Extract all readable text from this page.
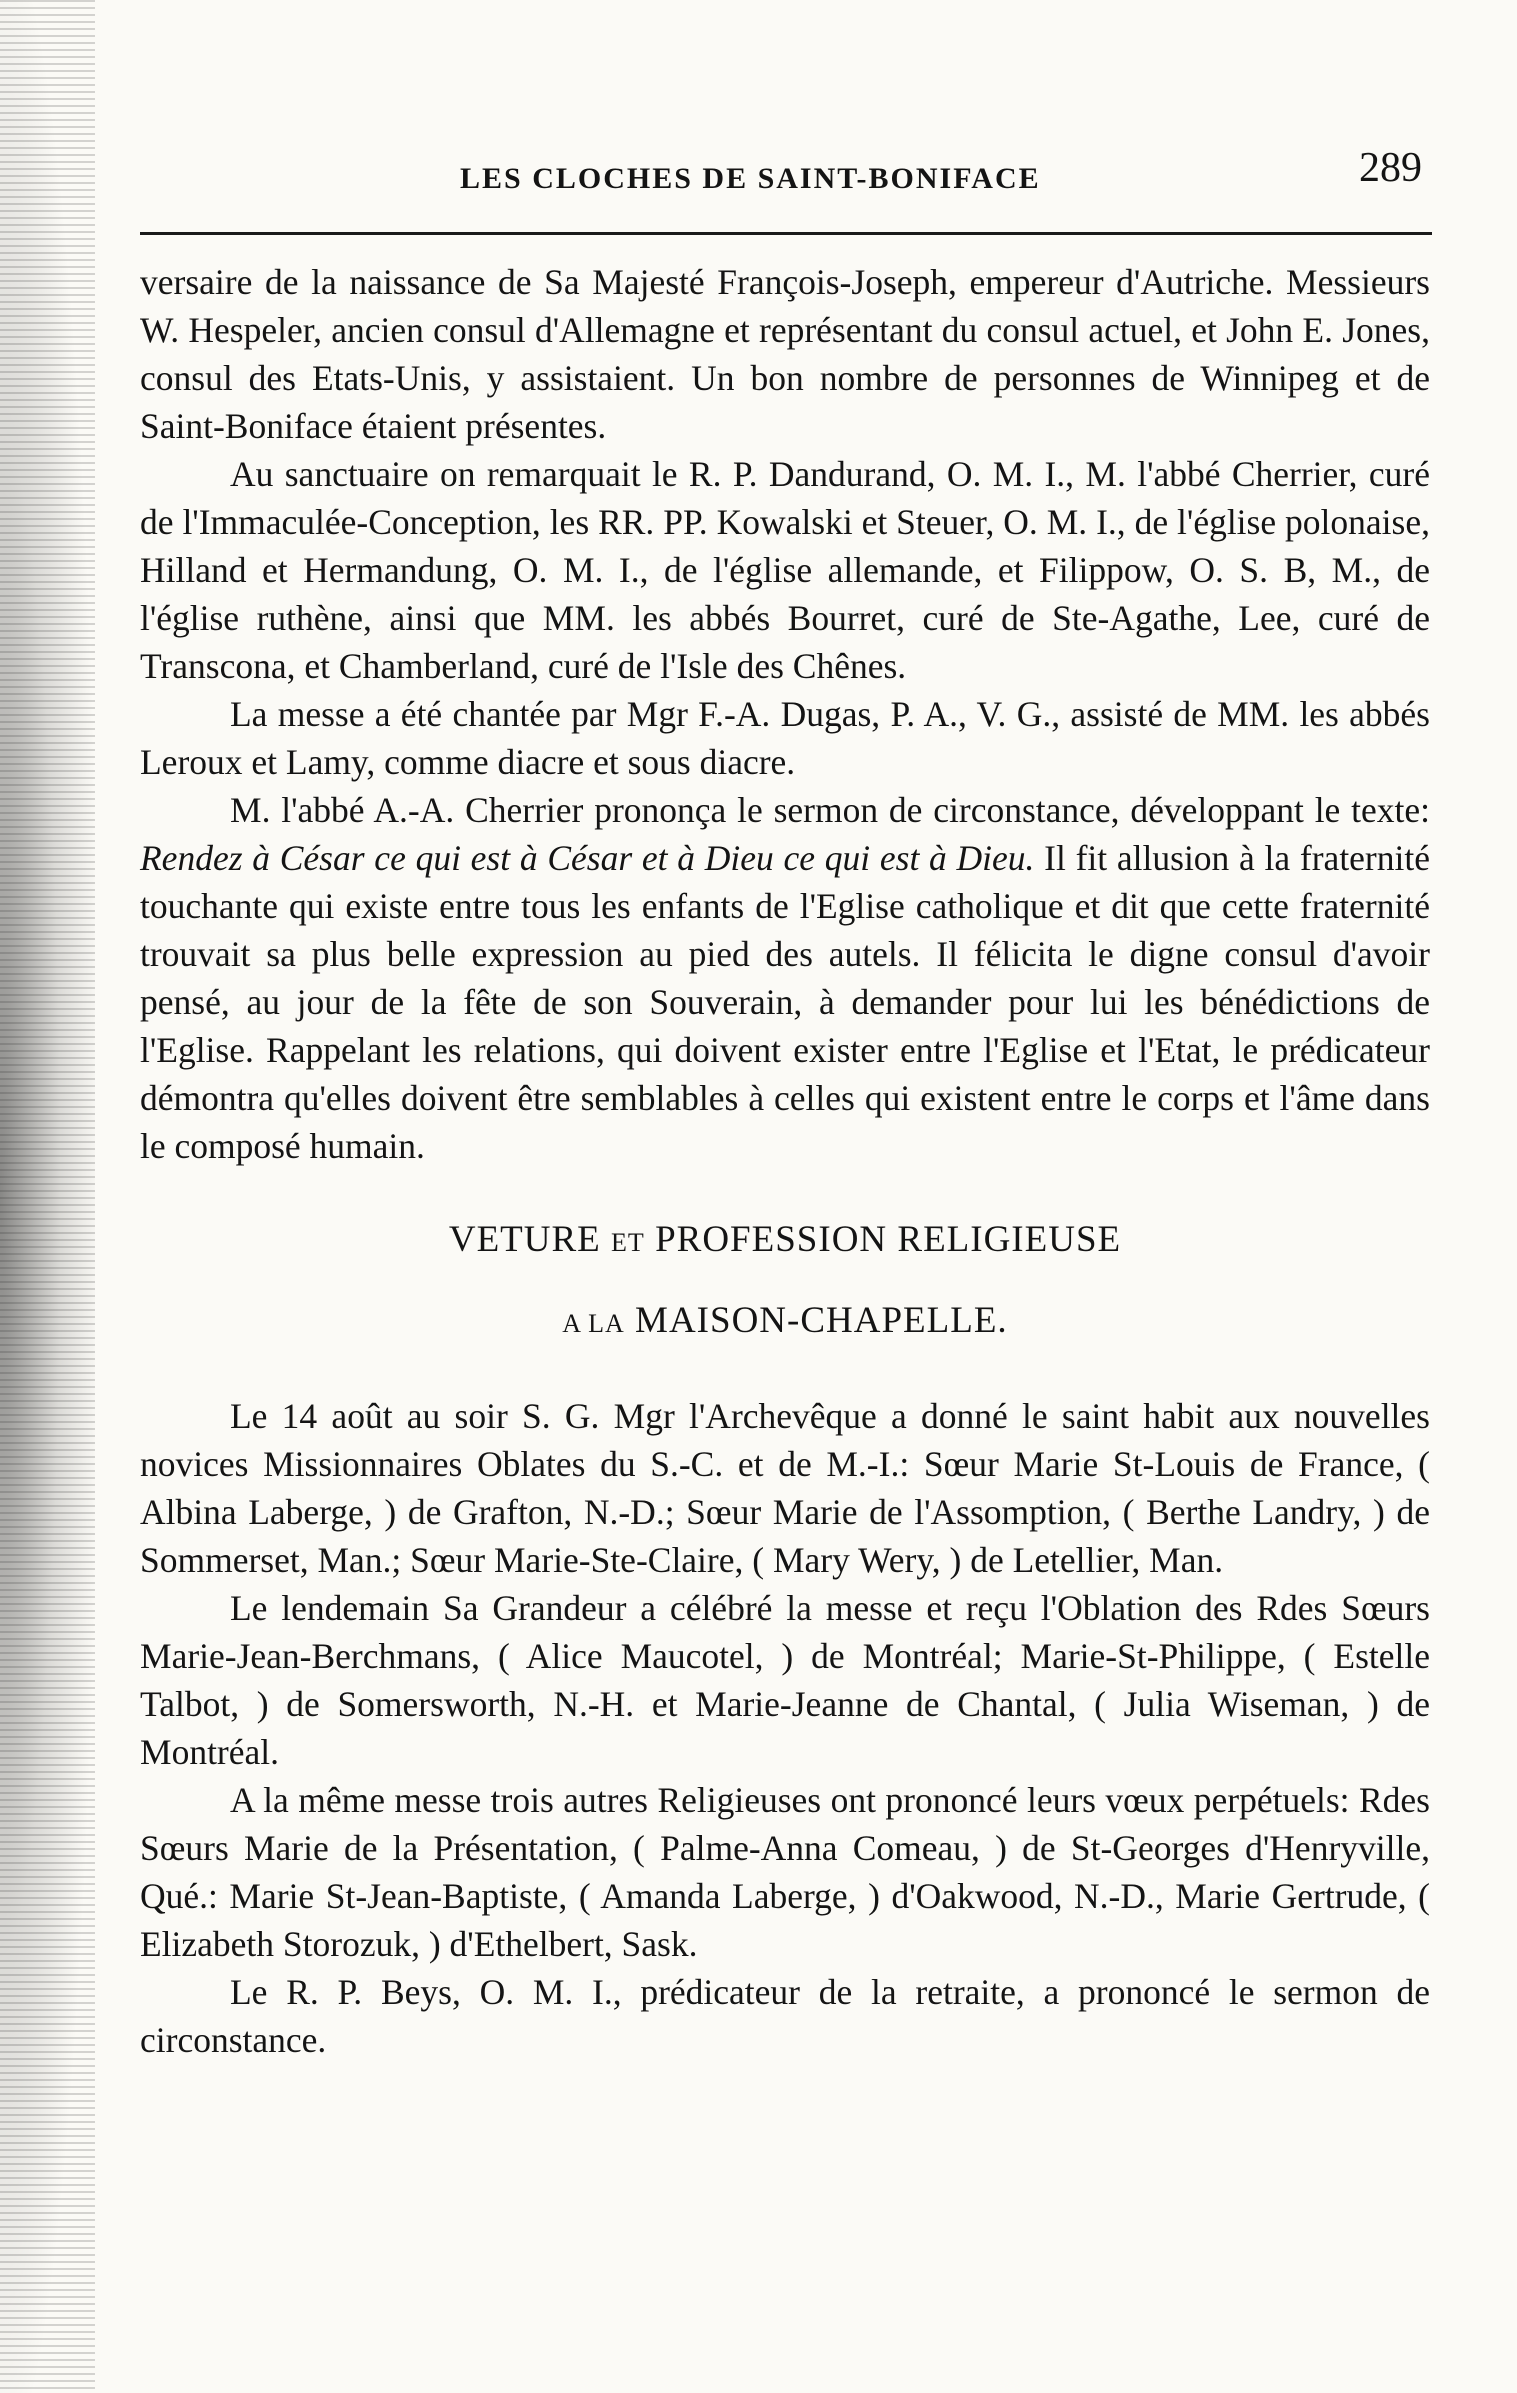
LES CLOCHES DE SAINT-BONIFACE	289

versaire de la naissance de Sa Majesté François-Joseph, empereur d'Autriche. Messieurs W. Hespeler, ancien consul d'Allemagne et représentant du consul actuel, et John E. Jones, consul des Etats-Unis, y assistaient. Un bon nombre de personnes de Winnipeg et de Saint-Boniface étaient présentes.

Au sanctuaire on remarquait le R. P. Dandurand, O. M. I., M. l'abbé Cherrier, curé de l'Immaculée-Conception, les RR. PP. Kowalski et Steuer, O. M. I., de l'église polonaise, Hilland et Hermandung, O. M. I., de l'église allemande, et Filippow, O. S. B, M., de l'église ruthène, ainsi que MM. les abbés Bourret, curé de Ste-Agathe, Lee, curé de Transcona, et Chamberland, curé de l'Isle des Chênes.

La messe a été chantée par Mgr F.-A. Dugas, P. A., V. G., assisté de MM. les abbés Leroux et Lamy, comme diacre et sous diacre.

M. l'abbé A.-A. Cherrier prononça le sermon de circonstance, développant le texte: Rendez à César ce qui est à César et à Dieu ce qui est à Dieu. Il fit allusion à la fraternité touchante qui existe entre tous les enfants de l'Eglise catholique et dit que cette fraternité trouvait sa plus belle expression au pied des autels. Il félicita le digne consul d'avoir pensé, au jour de la fête de son Souverain, à demander pour lui les bénédictions de l'Eglise. Rappelant les relations, qui doivent exister entre l'Eglise et l'Etat, le prédicateur démontra qu'elles doivent être semblables à celles qui existent entre le corps et l'âme dans le composé humain.

VETURE ET PROFESSION RELIGIEUSE

A LA MAISON-CHAPELLE.

Le 14 août au soir S. G. Mgr l'Archevêque a donné le saint habit aux nouvelles novices Missionnaires Oblates du S.-C. et de M.-I.: Sœur Marie St-Louis de France, ( Albina Laberge, ) de Grafton, N.-D.; Sœur Marie de l'Assomption, ( Berthe Landry, ) de Sommerset, Man.; Sœur Marie-Ste-Claire, ( Mary Wery, ) de Letellier, Man.

Le lendemain Sa Grandeur a célébré la messe et reçu l'Oblation des Rdes Sœurs Marie-Jean-Berchmans, ( Alice Maucotel, ) de Montréal; Marie-St-Philippe, ( Estelle Talbot, ) de Somersworth, N.-H. et Marie-Jeanne de Chantal, ( Julia Wiseman, ) de Montréal.

A la même messe trois autres Religieuses ont prononcé leurs vœux perpétuels: Rdes Sœurs Marie de la Présentation, ( Palme-Anna Comeau, ) de St-Georges d'Henryville, Qué.: Marie St-Jean-Baptiste, ( Amanda Laberge, ) d'Oakwood, N.-D., Marie Gertrude, ( Elizabeth Storozuk, ) d'Ethelbert, Sask.

Le R. P. Beys, O. M. I., prédicateur de la retraite, a prononcé le sermon de circonstance.
